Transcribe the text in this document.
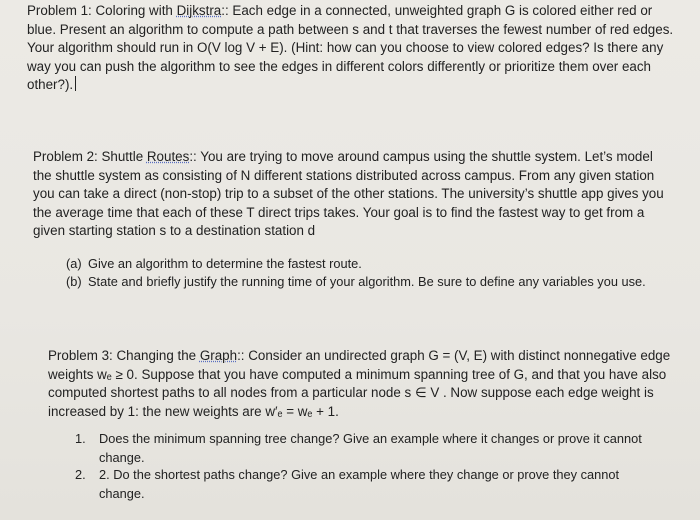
Problem 1: Coloring with Dijkstra:: Each edge in a connected, unweighted graph G is colored either red or blue. Present an algorithm to compute a path between s and t that traverses the fewest number of red edges. Your algorithm should run in O(V log V + E). (Hint: how can you choose to view colored edges? Is there any way you can push the algorithm to see the edges in different colors differently or prioritize them over each other?).

Problem 2: Shuttle Routes:: You are trying to move around campus using the shuttle system. Let’s model the shuttle system as consisting of N different stations distributed across campus. From any given station you can take a direct (non-stop) trip to a subset of the other stations. The university’s shuttle app gives you the average time that each of these T direct trips takes. Your goal is to find the fastest way to get from a given starting station s to a destination station d

(a) Give an algorithm to determine the fastest route.
(b) State and briefly justify the running time of your algorithm. Be sure to define any variables you use.

Problem 3: Changing the Graph:: Consider an undirected graph G = (V, E) with distinct nonnegative edge weights wₑ ≥ 0. Suppose that you have computed a minimum spanning tree of G, and that you have also computed shortest paths to all nodes from a particular node s ∈ V . Now suppose each edge weight is increased by 1: the new weights are w′ₑ = wₑ + 1.

1. Does the minimum spanning tree change? Give an example where it changes or prove it cannot change.
2. 2. Do the shortest paths change? Give an example where they change or prove they cannot change.
